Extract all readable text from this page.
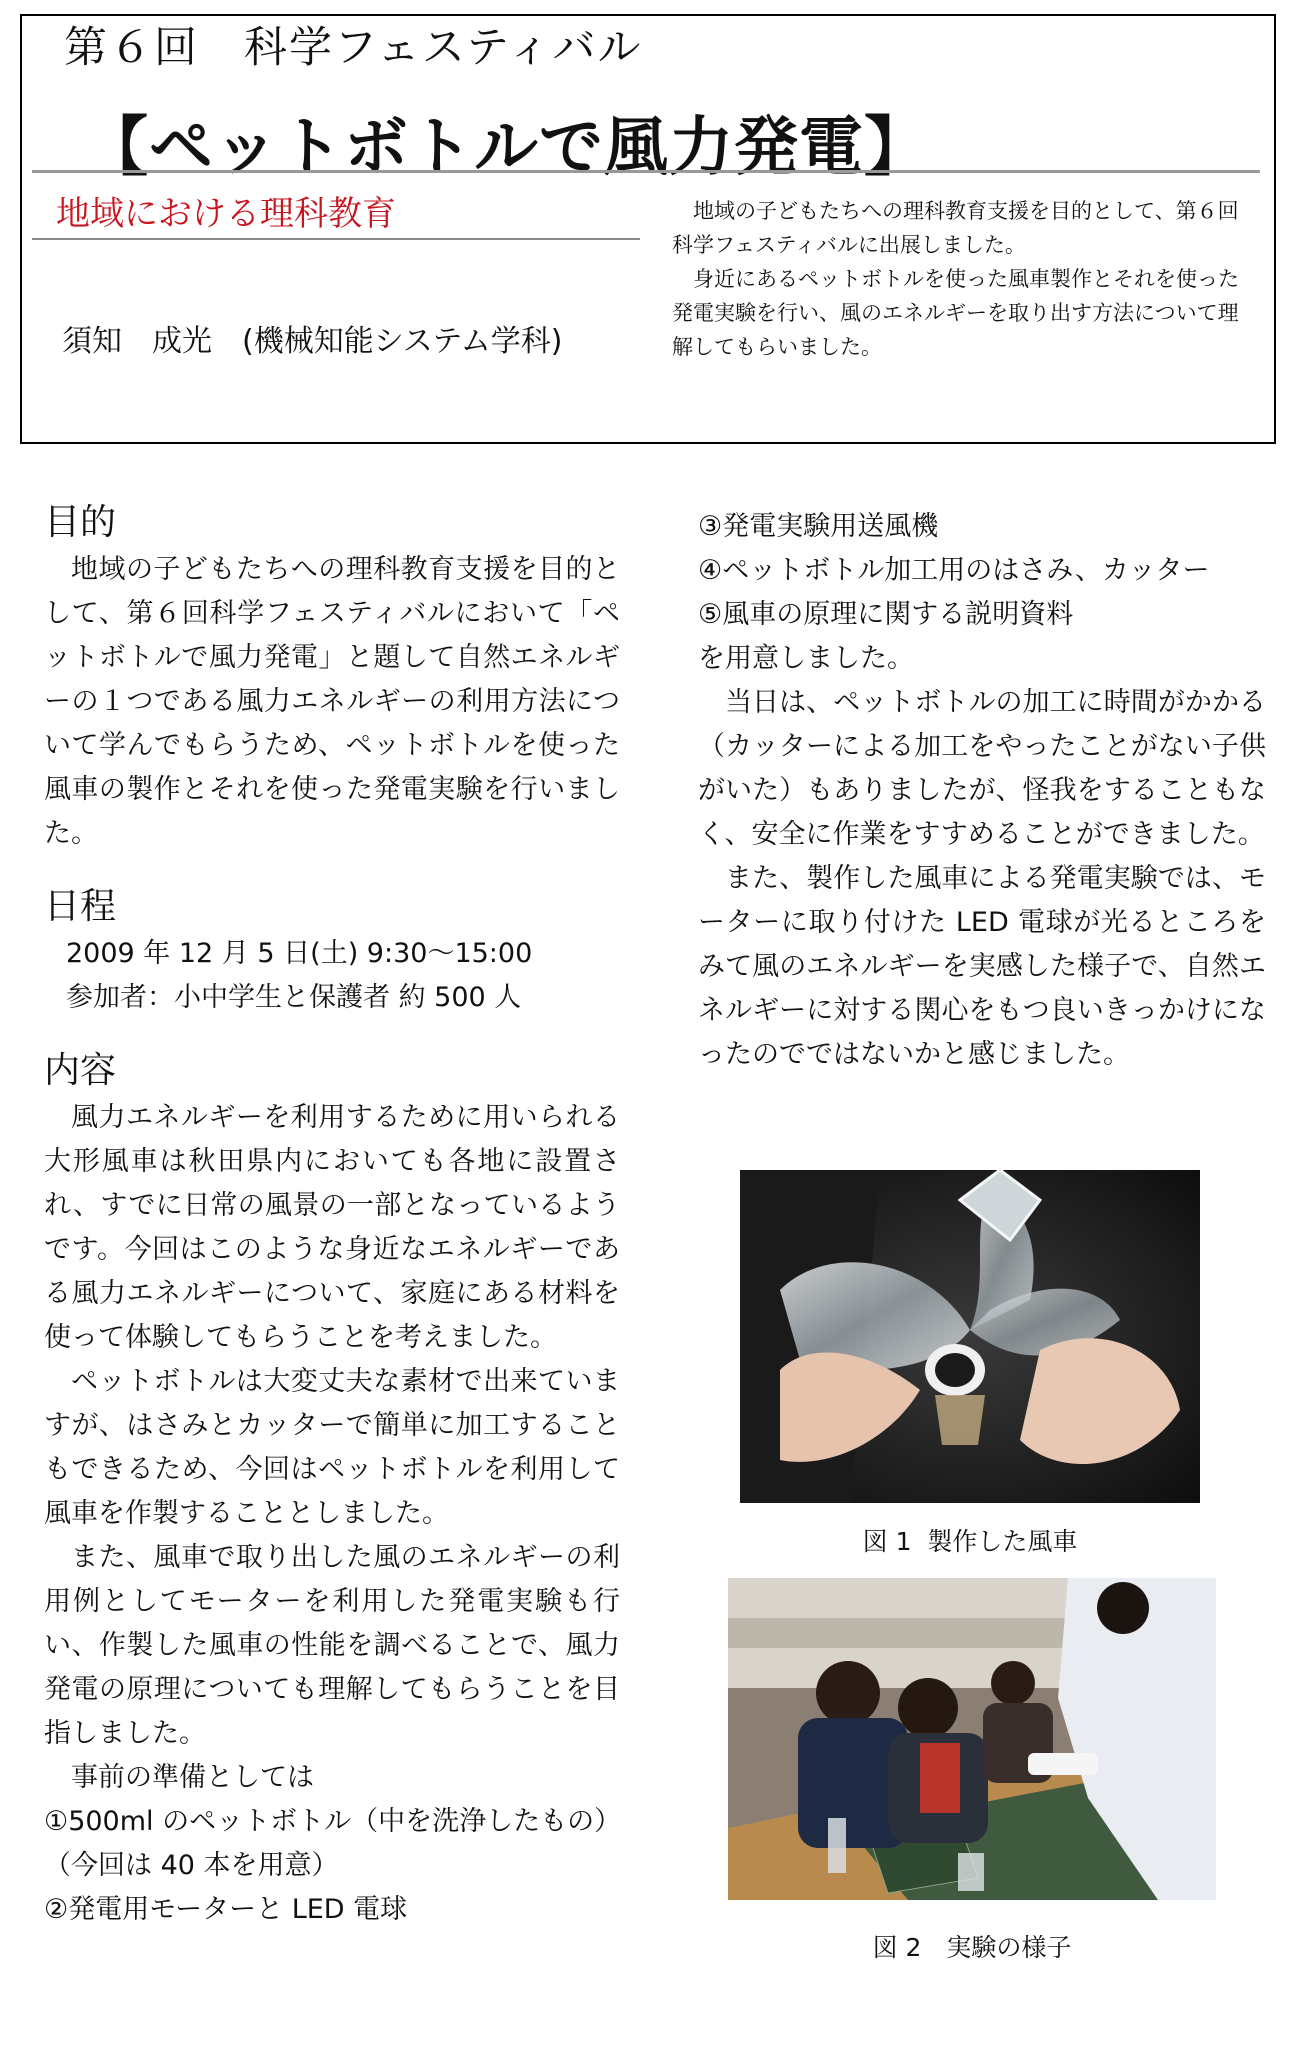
第６回　科学フェスティバル
【ペットボトルで風力発電】
地域における理科教育
須知　成光　(機械知能システム学科)

地域の子どもたちへの理科教育支援を目的として、第６回科学フェスティバルに出展しました。

身近にあるペットボトルを使った風車製作とそれを使った発電実験を行い、風のエネルギーを取り出す方法について理解してもらいました。

目的

地域の子どもたちへの理科教育支援を目的として、第６回科学フェスティバルにおいて「ペットボトルで風力発電」と題して自然エネルギーの１つである風力エネルギーの利用方法について学んでもらうため、ペットボトルを使った風車の製作とそれを使った発電実験を行いました。

日程

2009 年 12 月 5 日(土) 9:30～15:00

参加者：小中学生と保護者 約 500 人

内容

風力エネルギーを利用するために用いられる大形風車は秋田県内においても各地に設置され、すでに日常の風景の一部となっているようです。今回はこのような身近なエネルギーである風力エネルギーについて、家庭にある材料を使って体験してもらうことを考えました。

ペットボトルは大変丈夫な素材で出来ていますが、はさみとカッターで簡単に加工することもできるため、今回はペットボトルを利用して風車を作製することとしました。

また、風車で取り出した風のエネルギーの利用例としてモーターを利用した発電実験も行い、作製した風車の性能を調べることで、風力発電の原理についても理解してもらうことを目指しました。

事前の準備としては

①500ml のペットボトル（中を洗浄したもの）

（今回は 40 本を用意）

②発電用モーターと LED 電球

③発電実験用送風機

④ペットボトル加工用のはさみ、カッター

⑤風車の原理に関する説明資料

を用意しました。

当日は、ペットボトルの加工に時間がかかる（カッターによる加工をやったことがない子供がいた）もありましたが、怪我をすることもなく、安全に作業をすすめることができました。

また、製作した風車による発電実験では、モーターに取り付けた LED 電球が光るところをみて風のエネルギーを実感した様子で、自然エネルギーに対する関心をもつ良いきっかけになったのでではないかと感じました。

図 1  製作した風車
図 2　実験の様子
